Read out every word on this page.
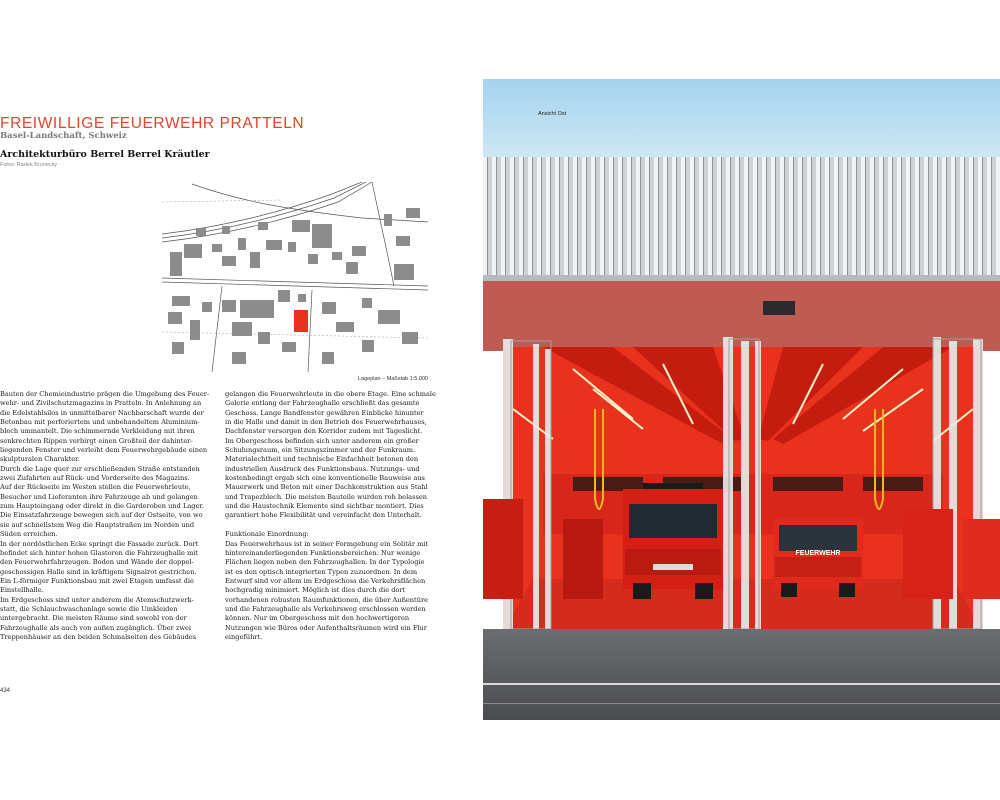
FREIWILLIGE FEUERWEHR PRATTELN
Basel-Landschaft, Schweiz
Architekturbüro Berrel Berrel Kräutler
Fotos: Radek Brunecky
Lageplan – Maßstab 1:5.000

Bauten der Chemieindustrie prägen die Umgebung des Feuer-

wehr- und Zivilschutzmagazins in Pratteln. In Anlehnung an

die Edelstahlsilos in unmittelbarer Nachbarschaft wurde der

Betonbau mit perforiertem und unbehandeltem Aluminium-

blech ummantelt. Die schimmernde Verkleidung mit ihren

senkrechten Rippen verbirgt einen Großteil der dahinter-

liegenden Fenster und verleiht dem Feuerwehrgebäude einen

skulpturalen Charakter.

Durch die Lage quer zur erschließenden Straße entstanden

zwei Zufahrten auf Rück- und Vorderseite des Magazins.

Auf der Rückseite im Westen stellen die Feuerwehrleute,

Besucher und Lieferanten ihre Fahrzeuge ab und gelangen

zum Haupteingang oder direkt in die Garderoben und Lager.

Die Einsatzfahrzeuge bewegen sich auf der Ostseite, von wo

sie auf schnellstem Weg die Hauptstraßen im Norden und

Süden erreichen.

In der nordöstlichen Ecke springt die Fassade zurück. Dort

befindet sich hinter hohen Glastoren die Fahrzeughalle mit

den Feuerwehrfahrzeugen. Boden und Wände der doppel-

geschossigen Halle sind in kräftigem Signalrot gestrichen.

Ein L-förmiger Funktionsbau mit zwei Etagen umfasst die

Einstellhalle.

Im Erdgeschoss sind unter anderem die Atemschutzwerk-

statt, die Schlauchwaschanlage sowie die Umkleiden

untergebracht. Die meisten Räume sind sowohl von der

Fahrzeughalle als auch von außen zugänglich. Über zwei

Treppenhäuser an den beiden Schmalseiten des Gebäudes

gelangen die Feuerwehrleute in die obere Etage. Eine schmale

Galerie entlang der Fahrzeughalle erschließt das gesamte

Geschoss. Lange Bandfenster gewähren Einblicke hinunter

in die Halle und damit in den Betrieb des Feuerwehrhauses,

Dachfenster versorgen den Korridor zudem mit Tageslicht.

Im Obergeschoss befinden sich unter anderem ein großer

Schulungsraum, ein Sitzungszimmer und der Funkraum.

Materialechtheit und technische Einfachheit betonen den

industriellen Ausdruck des Funktionsbaus. Nutzungs- und

kostenbedingt ergab sich eine konventionelle Bauweise aus

Mauerwerk und Beton mit einer Dachkonstruktion aus Stahl

und Trapezblech. Die meisten Bauteile wurden roh belassen

und die Haustechnik Elemente sind sichtbar montiert. Dies

garantiert hohe Flexibilität und vereinfacht den Unterhalt.

Funktionale Einordnung:

Das Feuerwehrhaus ist in seiner Formgebung ein Solitär mit

hintereinanderliegenden Funktionsbereichen. Nur wenige

Flächen liegen neben den Fahrzeughallen. In der Typologie

ist es den optisch integrierten Typen zuzuordnen. In dem

Entwurf sind vor allem im Erdgeschoss die Verkehrsflächen

hochgradig minimiert. Möglich ist dies durch die dort

vorhandenen robusten Raumfunktionen, die über Außentüre

und die Fahrzeughalle als Verkehrsweg erschlossen werden

können. Nur im Obergeschoss mit den hochwertigeren

Nutzungen wie Büros oder Aufenthaltsräumen wird ein Flur

eingeführt.

434
FEUERWEHR
Ansicht Ost
